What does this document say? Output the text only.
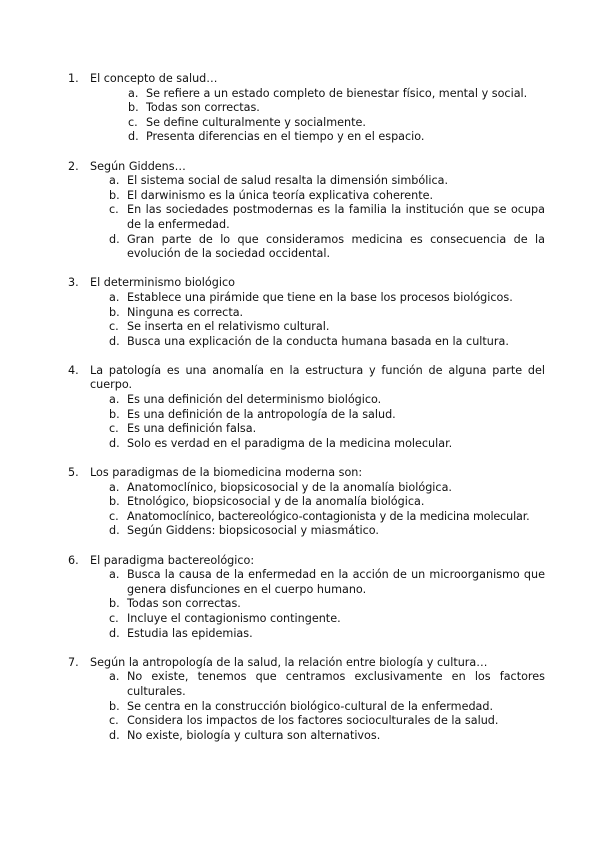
1.	El concepto de salud…
a. Se refiere a un estado completo de bienestar físico, mental y social.
b. Todas son correctas.
c. Se define culturalmente y socialmente.
d. Presenta diferencias en el tiempo y en el espacio.
2.	Según Giddens…
a. El sistema social de salud resalta la dimensión simbólica.
b. El darwinismo es la única teoría explicativa coherente.
c. En las sociedades postmodernas es la familia la institución que se ocupa de la enfermedad.
d. Gran parte de lo que consideramos medicina es consecuencia de la evolución de la sociedad occidental.
3.	El determinismo biológico
a. Establece una pirámide que tiene en la base los procesos biológicos.
b. Ninguna es correcta.
c. Se inserta en el relativismo cultural.
d. Busca una explicación de la conducta humana basada en la cultura.
4.	La patología es una anomalía en la estructura y función de alguna parte del cuerpo.
a. Es una definición del determinismo biológico.
b. Es una definición de la antropología de la salud.
c. Es una definición falsa.
d. Solo es verdad en el paradigma de la medicina molecular.
5.	Los paradigmas de la biomedicina moderna son:
a. Anatomoclínico, biopsicosocial y de la anomalía biológica.
b. Etnológico, biopsicosocial y de la anomalía biológica.
c. Anatomoclínico, bactereológico-contagionista y de la medicina molecular.
d. Según Giddens: biopsicosocial y miasmático.
6.	El paradigma bactereológico:
a. Busca la causa de la enfermedad en la acción de un microorganismo que genera disfunciones en el cuerpo humano.
b. Todas son correctas.
c. Incluye el contagionismo contingente.
d. Estudia las epidemias.
7.	Según la antropología de la salud, la relación entre biología y cultura…
a. No existe, tenemos que centramos exclusivamente en los factores culturales.
b. Se centra en la construcción biológico-cultural de la enfermedad.
c. Considera los impactos de los factores socioculturales de la salud.
d. No existe, biología y cultura son alternativos.
